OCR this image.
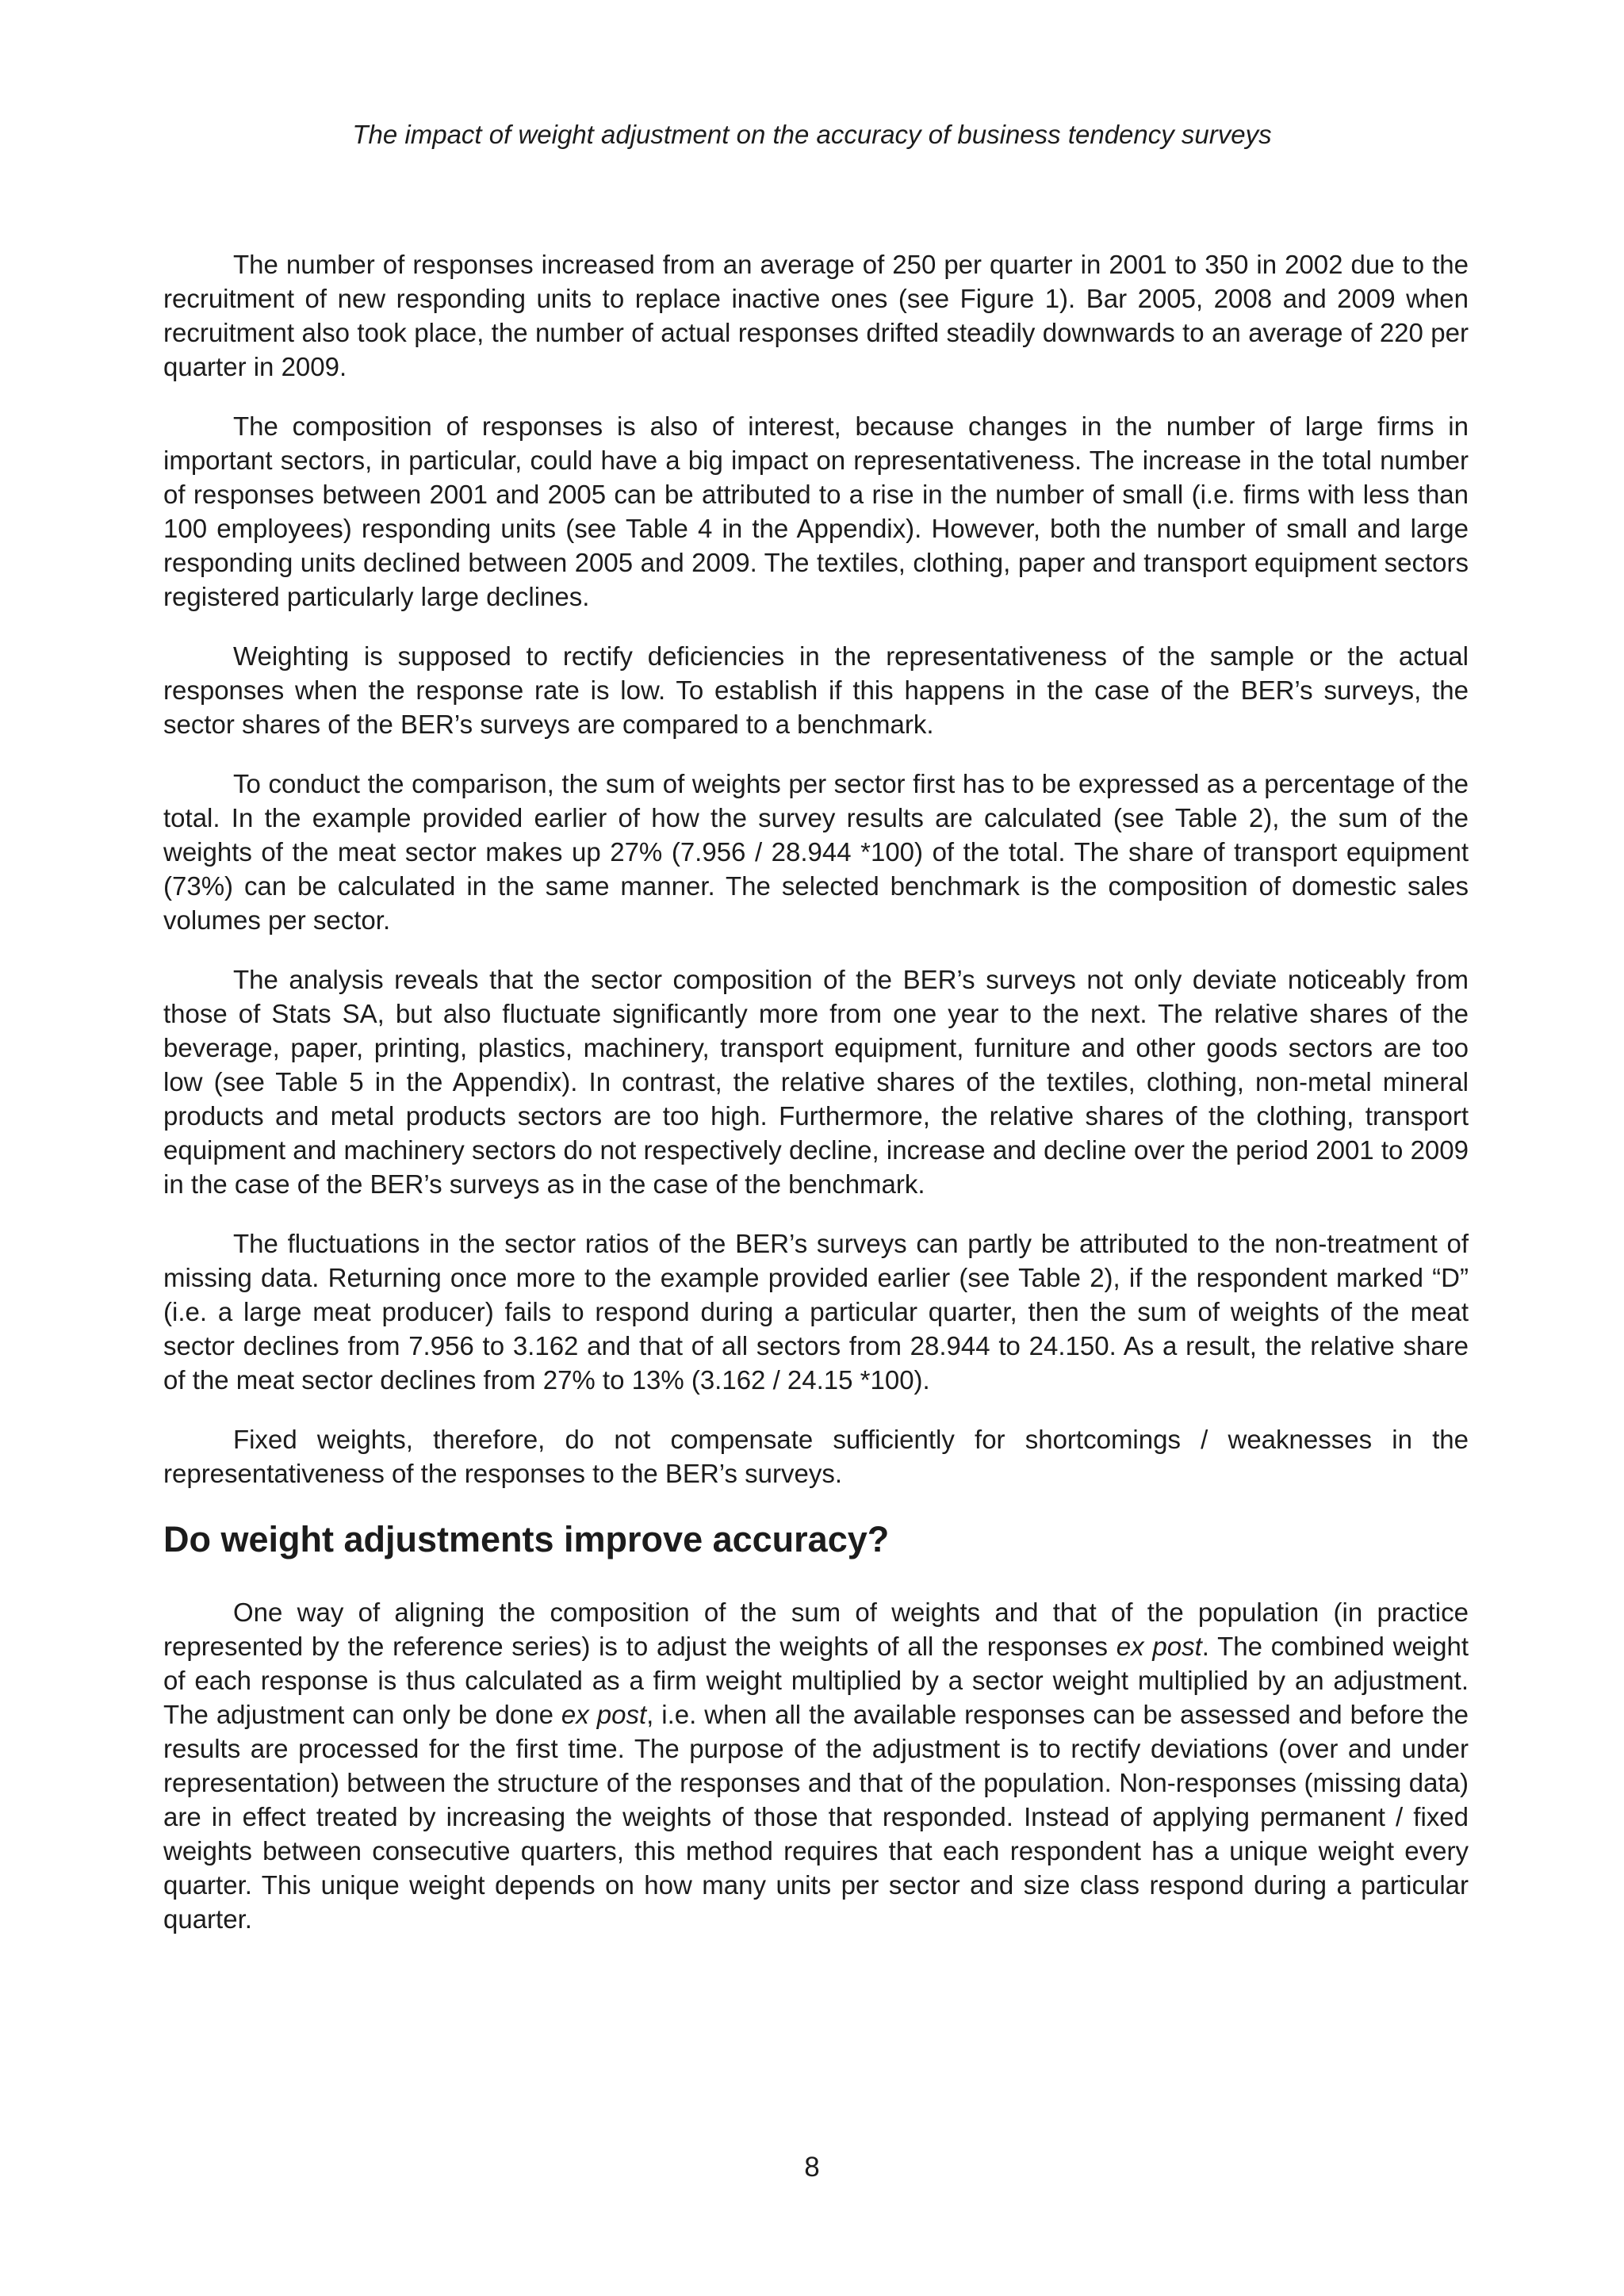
The impact of weight adjustment on the accuracy of business tendency surveys

The number of responses increased from an average of 250 per quarter in 2001 to 350 in 2002 due to the recruitment of new responding units to replace inactive ones (see Figure 1). Bar 2005, 2008 and 2009 when recruitment also took place, the number of actual responses drifted steadily downwards to an average of 220 per quarter in 2009.

The composition of responses is also of interest, because changes in the number of large firms in important sectors, in particular, could have a big impact on representativeness. The increase in the total number of responses between 2001 and 2005 can be attributed to a rise in the number of small (i.e. firms with less than 100 employees) responding units (see Table 4 in the Appendix). However, both the number of small and large responding units declined between 2005 and 2009. The textiles, clothing, paper and transport equipment sectors registered particularly large declines.

Weighting is supposed to rectify deficiencies in the representativeness of the sample or the actual responses when the response rate is low. To establish if this happens in the case of the BER’s surveys, the sector shares of the BER’s surveys are compared to a benchmark.

To conduct the comparison, the sum of weights per sector first has to be expressed as a percentage of the total. In the example provided earlier of how the survey results are calculated (see Table 2), the sum of the weights of the meat sector makes up 27% (7.956 / 28.944 *100) of the total. The share of transport equipment (73%) can be calculated in the same manner. The selected benchmark is the composition of domestic sales volumes per sector.

The analysis reveals that the sector composition of the BER’s surveys not only deviate noticeably from those of Stats SA, but also fluctuate significantly more from one year to the next. The relative shares of the beverage, paper, printing, plastics, machinery, transport equipment, furniture and other goods sectors are too low (see Table 5 in the Appendix). In contrast, the relative shares of the textiles, clothing, non-metal mineral products and metal products sectors are too high. Furthermore, the relative shares of the clothing, transport equipment and machinery sectors do not respectively decline, increase and decline over the period 2001 to 2009 in the case of the BER’s surveys as in the case of the benchmark.

The fluctuations in the sector ratios of the BER’s surveys can partly be attributed to the non-treatment of missing data. Returning once more to the example provided earlier (see Table 2), if the respondent marked “D” (i.e. a large meat producer) fails to respond during a particular quarter, then the sum of weights of the meat sector declines from 7.956 to 3.162 and that of all sectors from 28.944 to 24.150. As a result, the relative share of the meat sector declines from 27% to 13% (3.162 / 24.15 *100).

Fixed weights, therefore, do not compensate sufficiently for shortcomings / weaknesses in the representativeness of the responses to the BER’s surveys.

Do weight adjustments improve accuracy?

One way of aligning the composition of the sum of weights and that of the population (in practice represented by the reference series) is to adjust the weights of all the responses ex post. The combined weight of each response is thus calculated as a firm weight multiplied by a sector weight multiplied by an adjustment. The adjustment can only be done ex post, i.e. when all the available responses can be assessed and before the results are processed for the first time. The purpose of the adjustment is to rectify deviations (over and under representation) between the structure of the responses and that of the population. Non-responses (missing data) are in effect treated by increasing the weights of those that responded. Instead of applying permanent / fixed weights between consecutive quarters, this method requires that each respondent has a unique weight every quarter. This unique weight depends on how many units per sector and size class respond during a particular quarter.

8
